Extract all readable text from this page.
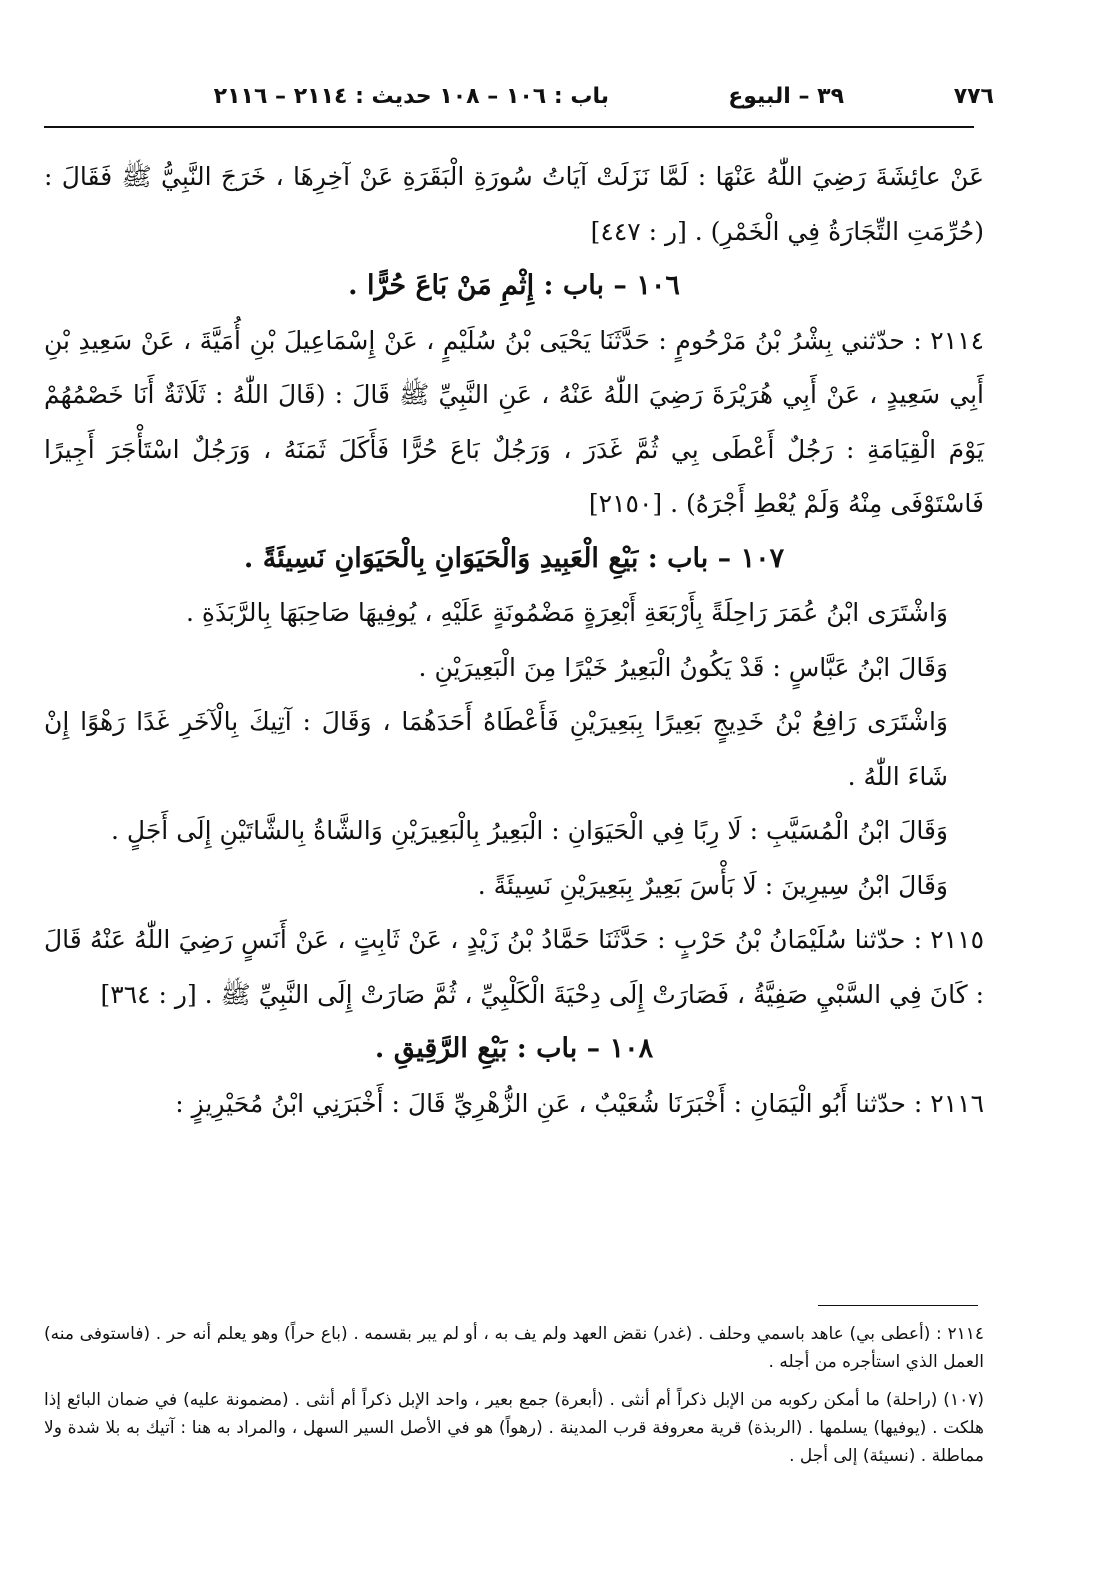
٧٧٦
٣٩ – البيوع
باب : ١٠٦ – ١٠٨ حديث : ٢١١٤ – ٢١١٦

عَنْ عائِشَةَ رَضِيَ اللّٰهُ عَنْهَا : لَمَّا نَزَلَتْ آيَاتُ سُورَةِ الْبَقَرَةِ عَنْ آخِرِهَا ، خَرَجَ النَّبِيُّ ﷺ فَقَالَ : (حُرِّمَتِ التِّجَارَةُ فِي الْخَمْرِ) . [ر : ٤٤٧]

١٠٦ – باب : إِثْمِ مَنْ بَاعَ حُرًّا .

٢١١٤ : حدّثني بِشْرُ بْنُ مَرْحُومٍ : حَدَّثَنَا يَحْيَى بْنُ سُلَيْمٍ ، عَنْ إِسْمَاعِيلَ بْنِ أُمَيَّةَ ، عَنْ سَعِيدِ بْنِ أَبِي سَعِيدٍ ، عَنْ أَبِي هُرَيْرَةَ رَضِيَ اللّٰهُ عَنْهُ ، عَنِ النَّبِيِّ ﷺ قَالَ : (قَالَ اللّٰهُ : ثَلَاثَةٌ أَنَا خَصْمُهُمْ يَوْمَ الْقِيَامَةِ : رَجُلٌ أَعْطَى بِي ثُمَّ غَدَرَ ، وَرَجُلٌ بَاعَ حُرًّا فَأَكَلَ ثَمَنَهُ ، وَرَجُلٌ اسْتَأْجَرَ أَجِيرًا فَاسْتَوْفَى مِنْهُ وَلَمْ يُعْطِ أَجْرَهُ) . [٢١٥٠]

١٠٧ – باب : بَيْعِ الْعَبِيدِ وَالْحَيَوَانِ بِالْحَيَوَانِ نَسِيئَةً .

وَاشْتَرَى ابْنُ عُمَرَ رَاحِلَةً بِأَرْبَعَةِ أَبْعِرَةٍ مَضْمُونَةٍ عَلَيْهِ ، يُوفِيهَا صَاحِبَهَا بِالرَّبَذَةِ .

وَقَالَ ابْنُ عَبَّاسٍ : قَدْ يَكُونُ الْبَعِيرُ خَيْرًا مِنَ الْبَعِيرَيْنِ .

وَاشْتَرَى رَافِعُ بْنُ خَدِيجٍ بَعِيرًا بِبَعِيرَيْنِ فَأَعْطَاهُ أَحَدَهُمَا ، وَقَالَ : آتِيكَ بِالْآخَرِ غَدًا رَهْوًا إِنْ شَاءَ اللّٰهُ .

وَقَالَ ابْنُ الْمُسَيَّبِ : لَا رِبًا فِي الْحَيَوَانِ : الْبَعِيرُ بِالْبَعِيرَيْنِ وَالشَّاةُ بِالشَّاتَيْنِ إِلَى أَجَلٍ .

وَقَالَ ابْنُ سِيرِينَ : لَا بَأْسَ بَعِيرٌ بِبَعِيرَيْنِ نَسِيئَةً .

٢١١٥ : حدّثنا سُلَيْمَانُ بْنُ حَرْبٍ : حَدَّثَنَا حَمَّادُ بْنُ زَيْدٍ ، عَنْ ثَابِتٍ ، عَنْ أَنَسٍ رَضِيَ اللّٰهُ عَنْهُ قَالَ : كَانَ فِي السَّبْيِ صَفِيَّةُ ، فَصَارَتْ إِلَى دِحْيَةَ الْكَلْبِيِّ ، ثُمَّ صَارَتْ إِلَى النَّبِيِّ ﷺ . [ر : ٣٦٤]

١٠٨ – باب : بَيْعِ الرَّقِيقِ .

٢١١٦ : حدّثنا أَبُو الْيَمَانِ : أَخْبَرَنَا شُعَيْبٌ ، عَنِ الزُّهْرِيِّ قَالَ : أَخْبَرَنِي ابْنُ مُحَيْرِيزٍ :

٢١١٤ : (أعطى بي) عاهد باسمي وحلف . (غدر) نقض العهد ولم يف به ، أو لم يبر بقسمه . (باع حراً) وهو يعلم أنه حر . (فاستوفى منه) العمل الذي استأجره من أجله .

(١٠٧) (راحلة) ما أمكن ركوبه من الإبل ذكراً أم أنثى . (أبعرة) جمع بعير ، واحد الإبل ذكراً أم أنثى . (مضمونة عليه) في ضمان البائع إذا هلكت . (يوفيها) يسلمها . (الربذة) قرية معروفة قرب المدينة . (رهواً) هو في الأصل السير السهل ، والمراد به هنا : آتيك به بلا شدة ولا مماطلة . (نسيئة) إلى أجل .
